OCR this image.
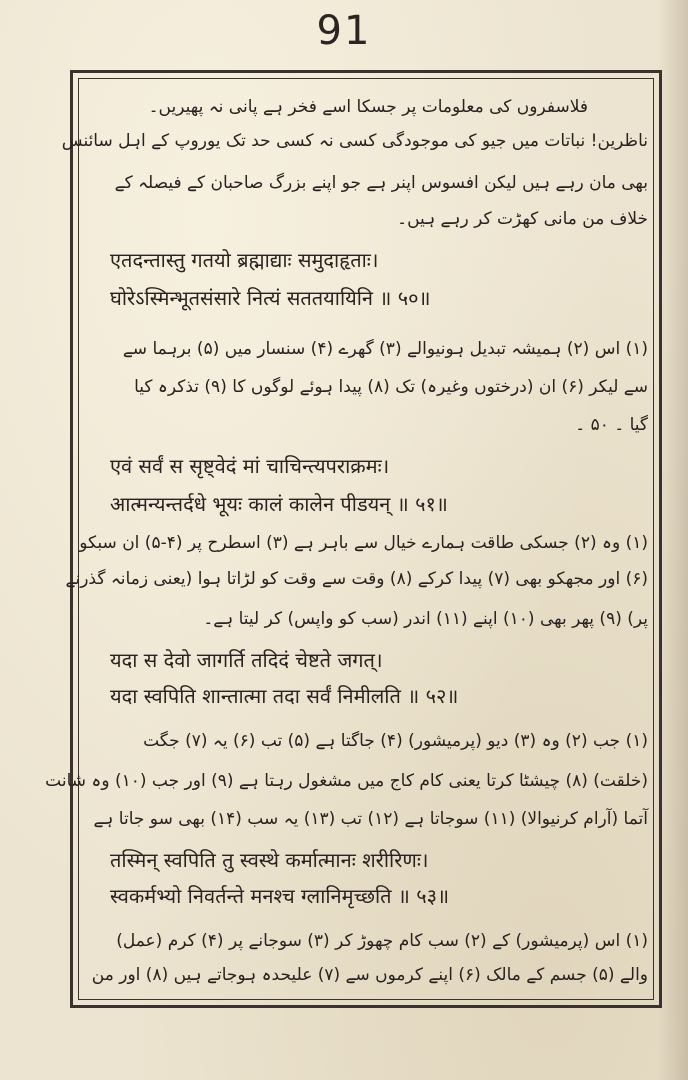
91
فلاسفروں کی معلومات پر جسکا اسے فخر ہے پانی نہ پھیریں۔
ناظرین! نباتات میں جیو کی موجودگی کسی نہ کسی حد تک یوروپ کے اہل سائنس
بھی مان رہے ہیں لیکن افسوس اپنر ہے جو اپنے بزرگ صاحبان کے فیصلہ کے
خلاف من مانی کھڑت کر رہے ہیں۔
एतदन्तास्तु गतयो ब्रह्माद्याः समुदाहृताः।
घोरेऽस्मिन्भूतसंसारे नित्यं सततयायिनि ॥ ५०॥
(۱) اس (۲) ہمیشہ تبدیل ہونیوالے (۳) گھرے (۴) سنسار میں (۵) برہما سے
سے لیکر (۶) ان (درختوں وغیرہ) تک (۸) پیدا ہوئے لوگوں کا (۹) تذکرہ کیا
گیا ۔ ۵۰ ۔
एवं सर्वं स सृष्ट्वेदं मां चाचिन्त्यपराक्रमः।
आत्मन्यन्तर्दधे भूयः कालं कालेन पीडयन् ॥ ५१॥
(۱) وہ (۲) جسکی طاقت ہمارے خیال سے باہر ہے (۳) اسطرح پر (۴-۵) ان سبکو
(۶) اور مجھکو بھی (۷) پیدا کرکے (۸) وقت سے وقت کو لڑاتا ہوا (یعنی زمانہ گذرنے
پر) (۹) پھر بھی (۱۰) اپنے (۱۱) اندر (سب کو واپس) کر لیتا ہے۔
यदा स देवो जागर्ति तदिदं चेष्टते जगत्।
यदा स्वपिति शान्तात्मा तदा सर्वं निमीलति ॥ ५२॥
(۱) جب (۲) وہ (۳) دیو (پرمیشور) (۴) جاگتا ہے (۵) تب (۶) یہ (۷) جگت
(خلقت) (۸) چیشٹا کرتا یعنی کام کاج میں مشغول رہتا ہے (۹) اور جب (۱۰) وہ شانت
آتما (آرام کرنیوالا) (۱۱) سوجاتا ہے (۱۲) تب (۱۳) یہ سب (۱۴) بھی سو جاتا ہے
तस्मिन् स्वपिति तु स्वस्थे कर्मात्मानः शरीरिणः।
स्वकर्मभ्यो निवर्तन्ते मनश्च ग्लानिमृच्छति ॥ ५३॥
(۱) اس (پرمیشور) کے (۲) سب کام چھوڑ کر (۳) سوجانے پر (۴) کرم (عمل)
والے (۵) جسم کے مالک (۶) اپنے کرموں سے (۷) علیحدہ ہوجاتے ہیں (۸) اور من
